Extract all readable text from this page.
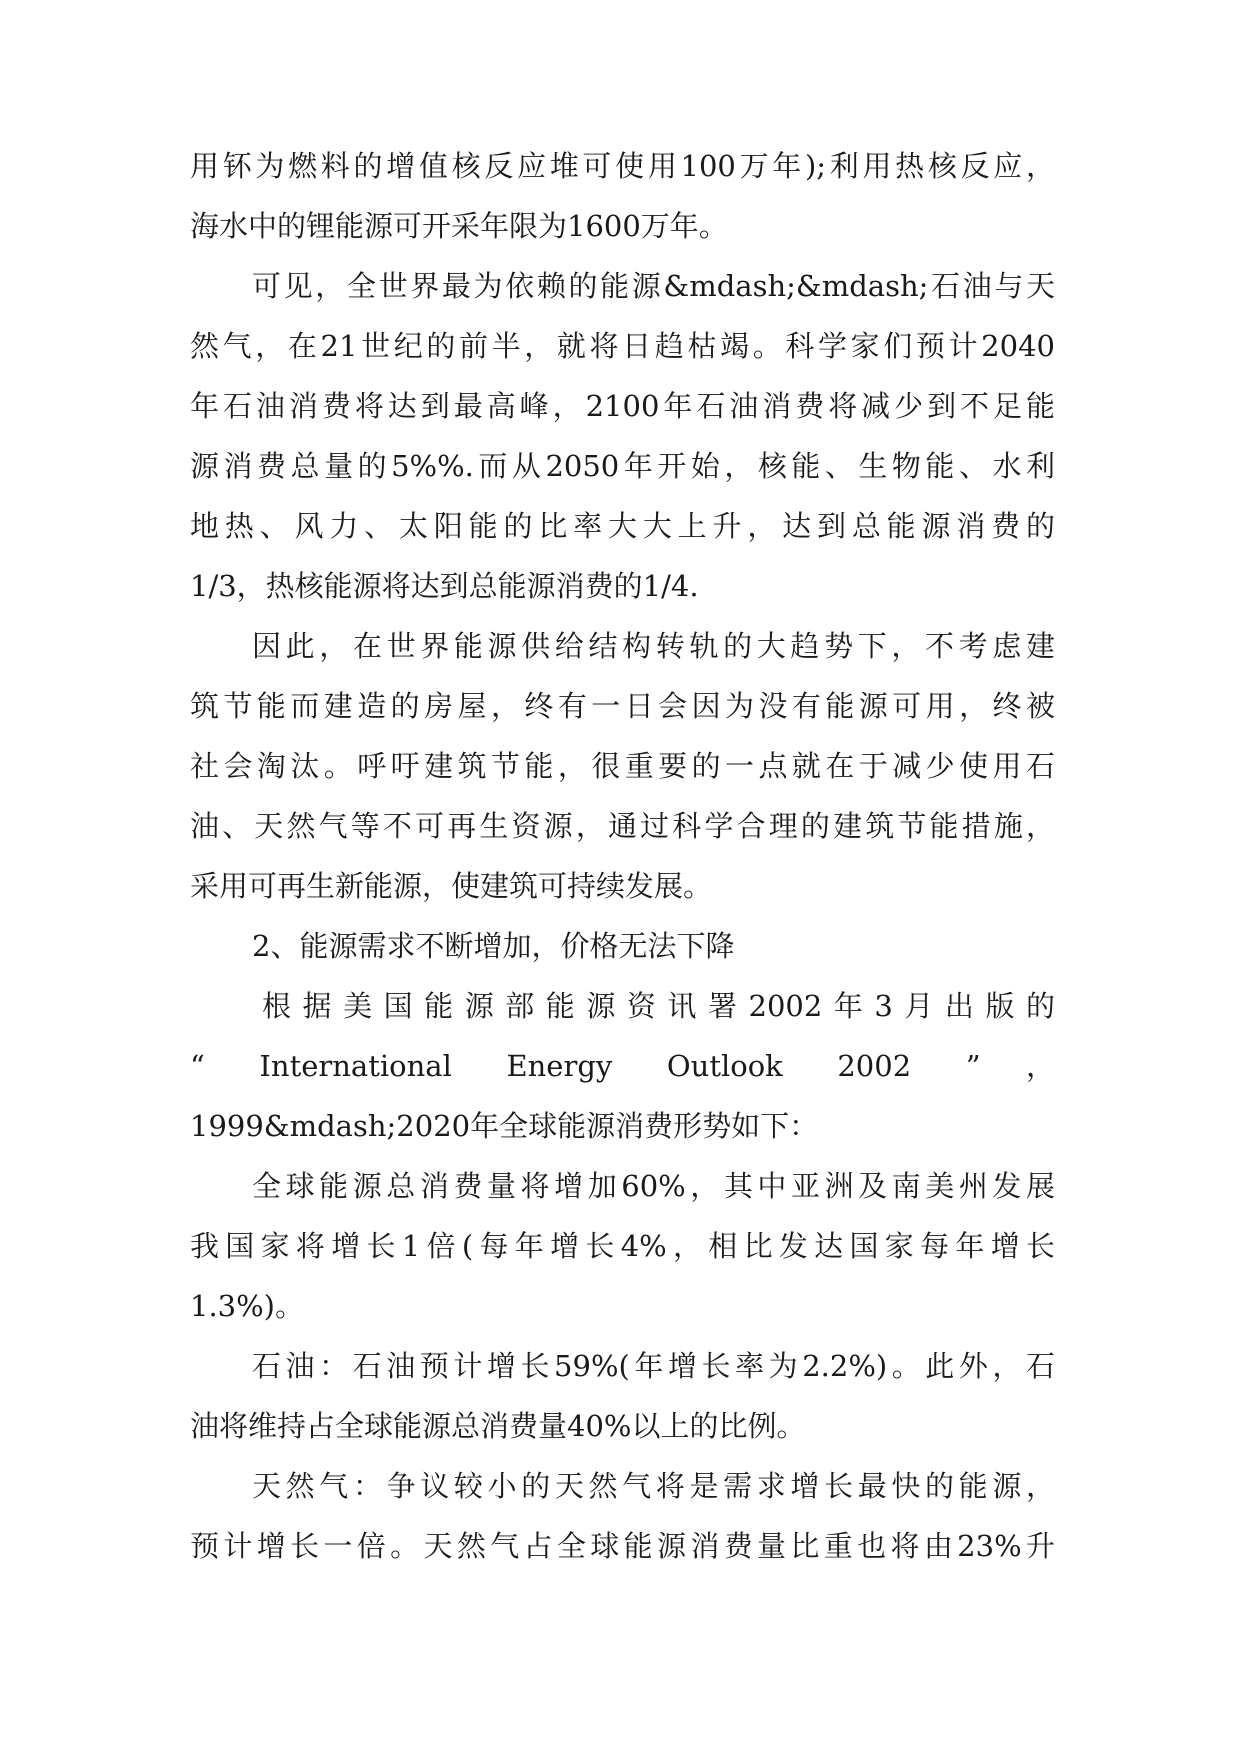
用钚为燃料的增值核反应堆可使用100万年);利用热核反应，
海水中的锂能源可开采年限为1600万年。
可见，全世界最为依赖的能源&mdash;&mdash;石油与天
然气，在21世纪的前半，就将日趋枯竭。科学家们预计2040
年石油消费将达到最高峰，2100年石油消费将减少到不足能
源消费总量的5%%.而从2050年开始，核能、生物能、水利
地热、风力、太阳能的比率大大上升，达到总能源消费的
1/3，热核能源将达到总能源消费的1/4.
因此，在世界能源供给结构转轨的大趋势下，不考虑建
筑节能而建造的房屋，终有一日会因为没有能源可用，终被
社会淘汰。呼吁建筑节能，很重要的一点就在于减少使用石
油、天然气等不可再生资源，通过科学合理的建筑节能措施，
采用可再生新能源，使建筑可持续发展。
2、能源需求不断增加，价格无法下降
根据美国能源部能源资讯署2002年3月出版的
“ International Energy Outlook 2002 ”，
1999&mdash;2020年全球能源消费形势如下：
全球能源总消费量将增加60%，其中亚洲及南美州发展
我国家将增长1倍(每年增长4%，相比发达国家每年增长
1.3%)。
石油：石油预计增长59%(年增长率为2.2%)。此外，石
油将维持占全球能源总消费量40%以上的比例。
天然气：争议较小的天然气将是需求增长最快的能源，
预计增长一倍。天然气占全球能源消费量比重也将由23%升
